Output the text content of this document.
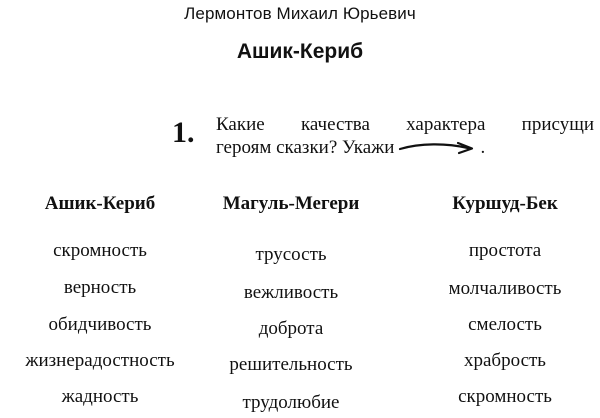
Лермонтов Михаил Юрьевич
Ашик-Кериб
1. Какие качества характера присущи
героям сказки? Укажи	.
Ашик-Кериб
скромность
верность
обидчивость
жизнерадостность
жадность
Магуль-Мегери
трусость
вежливость
доброта
решительность
трудолюбие
Куршуд-Бек
простота
молчаливость
смелость
храбрость
скромность
